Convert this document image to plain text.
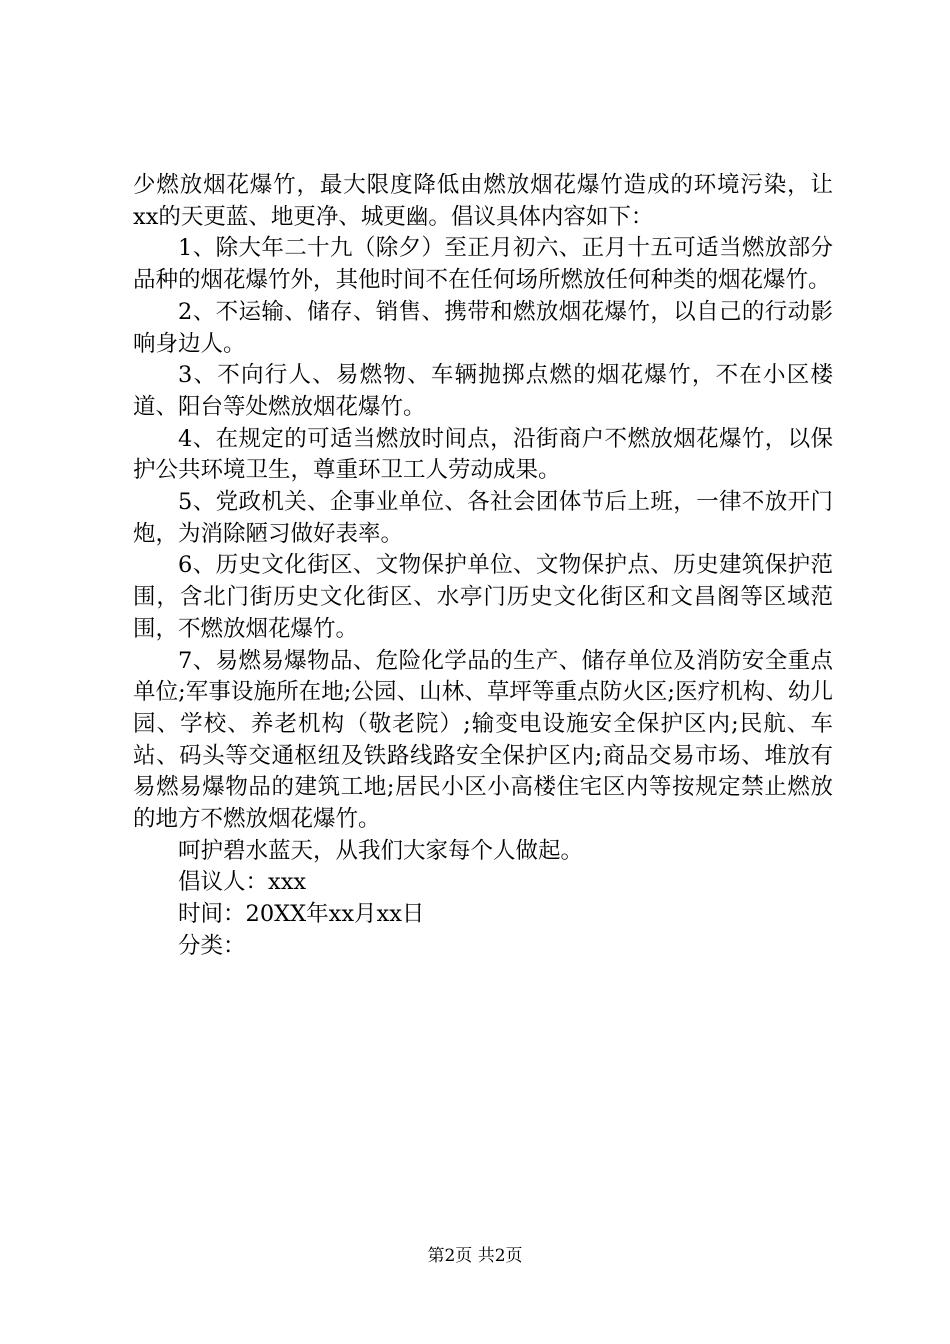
少燃放烟花爆竹，最大限度降低由燃放烟花爆竹造成的环境污染，让xx的天更蓝、地更净、城更幽。倡议具体内容如下：

1、除大年二十九（除夕）至正月初六、正月十五可适当燃放部分品种的烟花爆竹外，其他时间不在任何场所燃放任何种类的烟花爆竹。

2、不运输、储存、销售、携带和燃放烟花爆竹，以自己的行动影响身边人。

3、不向行人、易燃物、车辆抛掷点燃的烟花爆竹，不在小区楼道、阳台等处燃放烟花爆竹。

4、在规定的可适当燃放时间点，沿街商户不燃放烟花爆竹，以保护公共环境卫生，尊重环卫工人劳动成果。

5、党政机关、企事业单位、各社会团体节后上班，一律不放开门炮，为消除陋习做好表率。

6、历史文化街区、文物保护单位、文物保护点、历史建筑保护范围，含北门街历史文化街区、水亭门历史文化街区和文昌阁等区域范围，不燃放烟花爆竹。

7、易燃易爆物品、危险化学品的生产、储存单位及消防安全重点单位;军事设施所在地;公园、山林、草坪等重点防火区;医疗机构、幼儿园、学校、养老机构（敬老院）;输变电设施安全保护区内;民航、车站、码头等交通枢纽及铁路线路安全保护区内;商品交易市场、堆放有易燃易爆物品的建筑工地;居民小区小高楼住宅区内等按规定禁止燃放的地方不燃放烟花爆竹。

呵护碧水蓝天，从我们大家每个人做起。

倡议人：xxx

时间：20XX年xx月xx日

分类：

第2页 共2页
